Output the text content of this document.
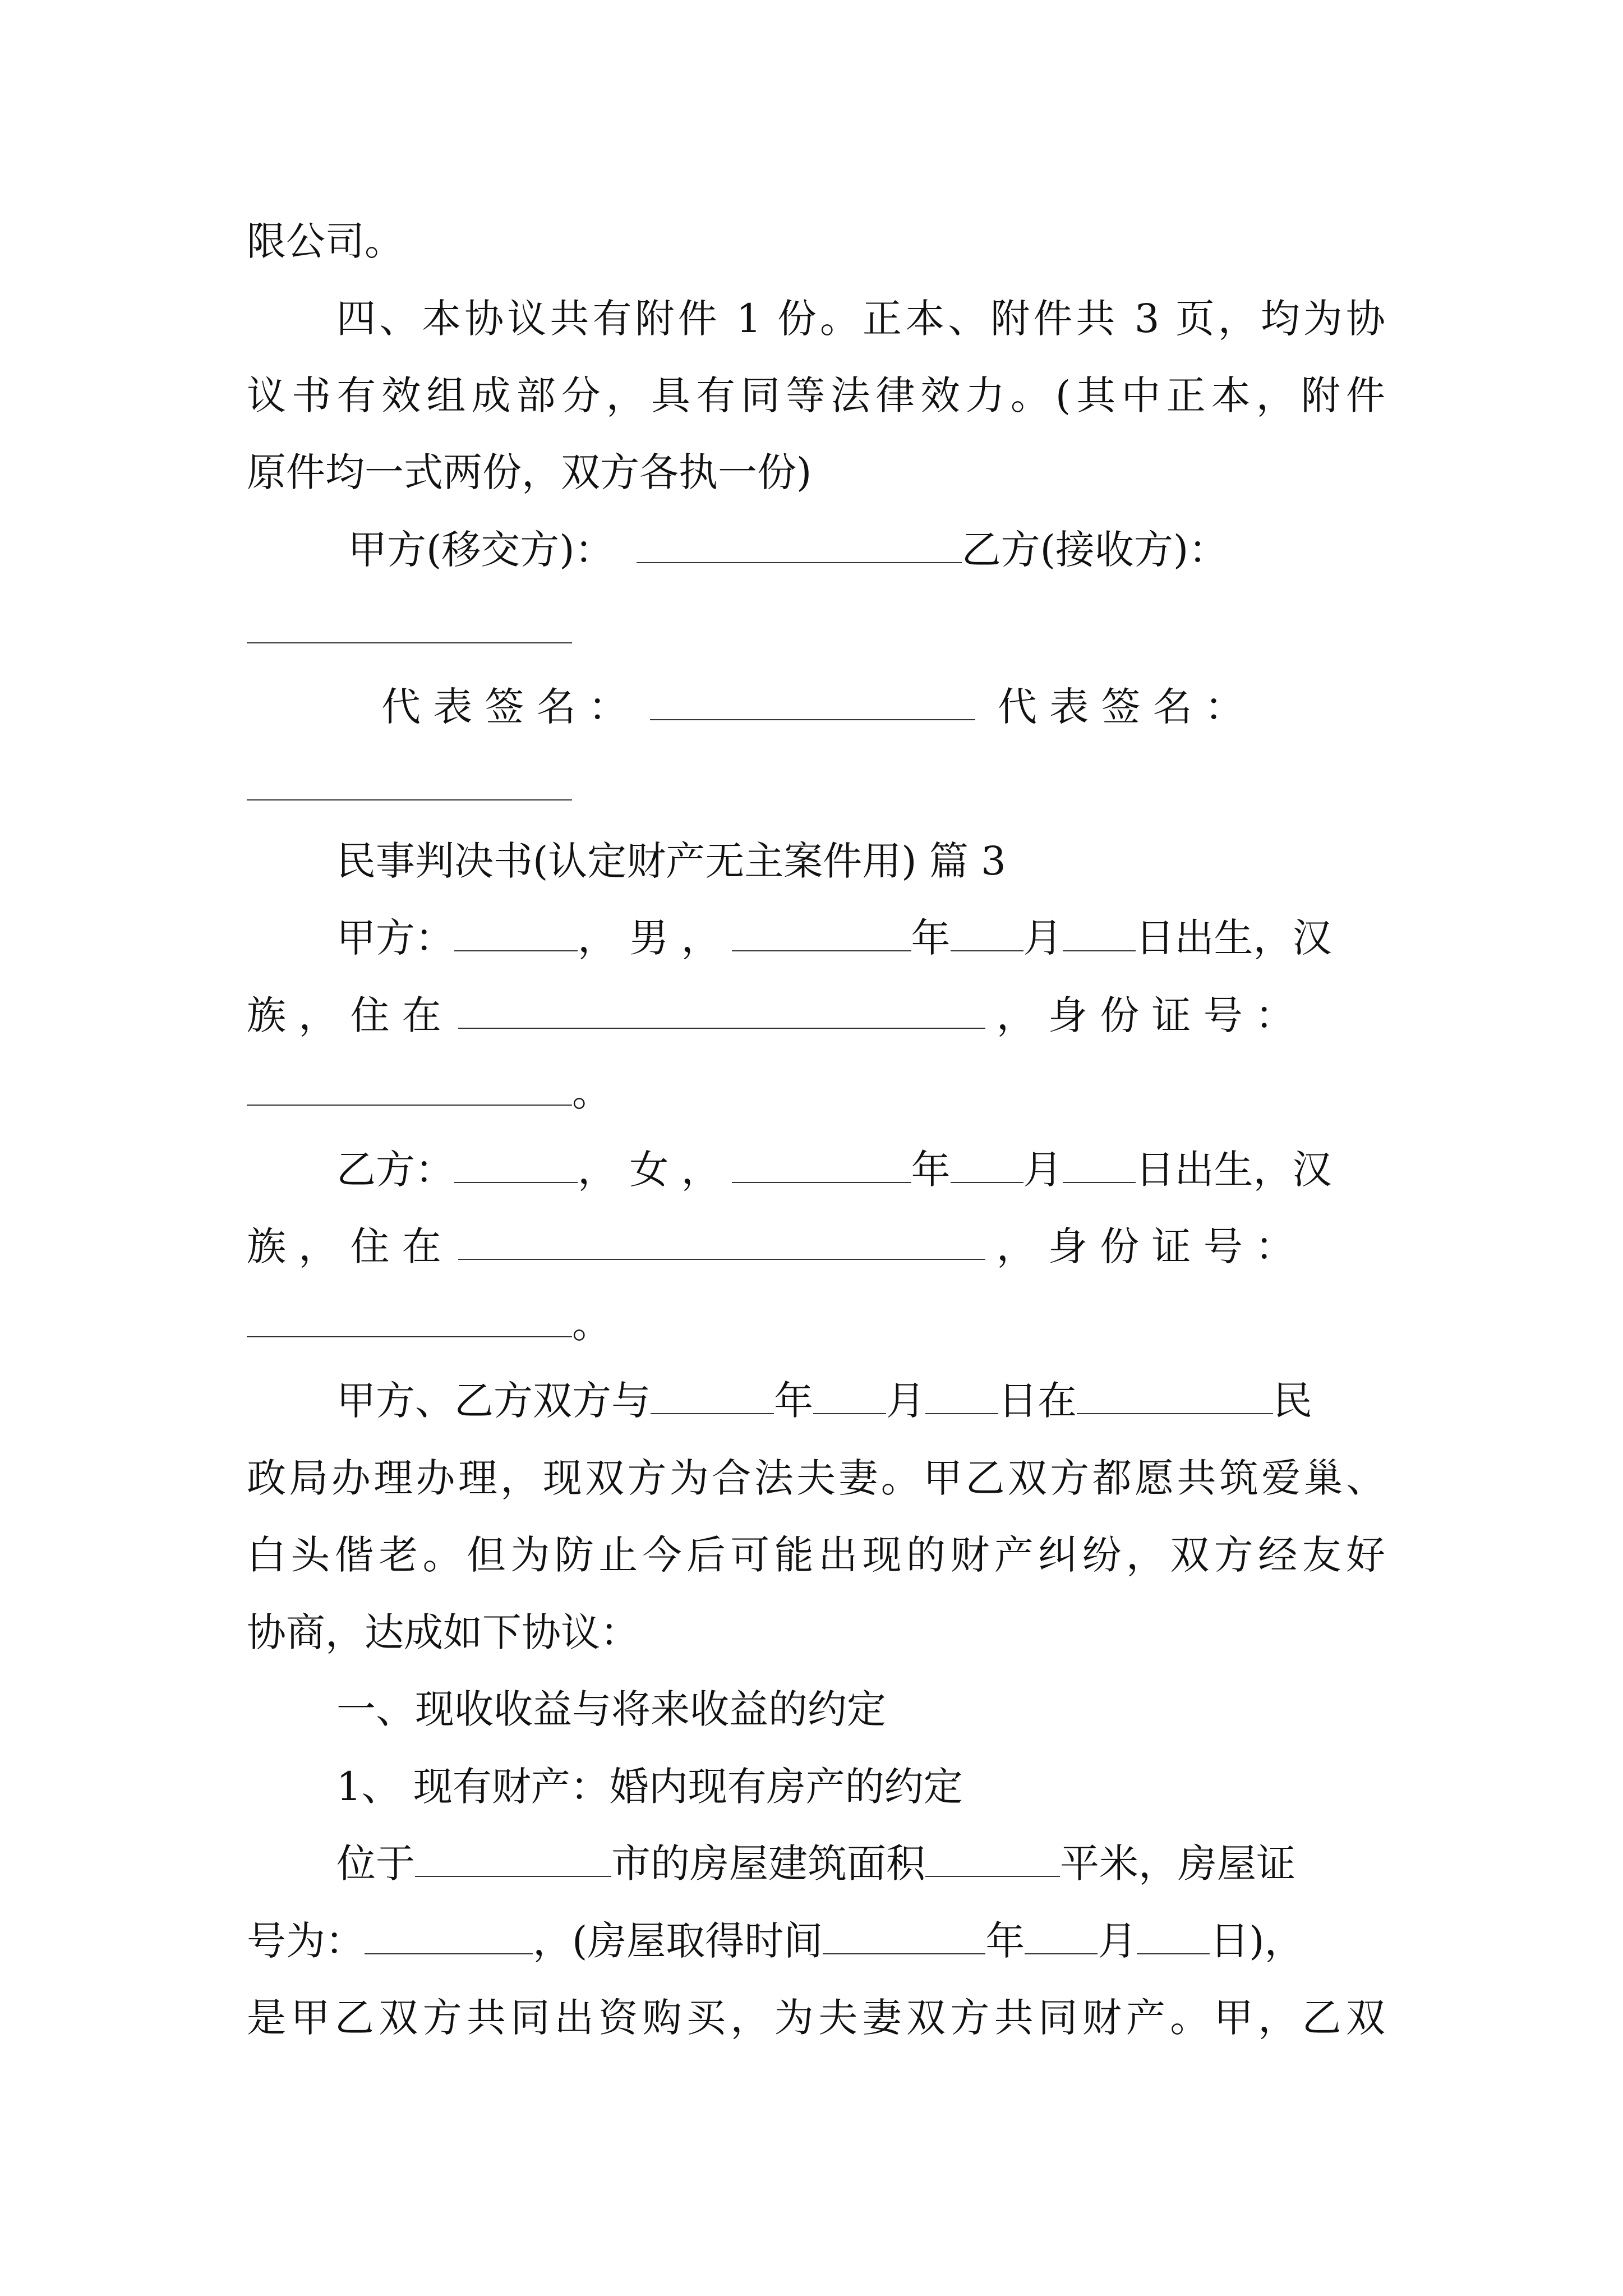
限公司。
四、本协议共有附件 1 份。正本、附件共 3 页，均为协
议书有效组成部分，具有同等法律效力。(其中正本，附件
原件均一式两份，双方各执一份)
甲方(移交方)：	乙方(接收方)：
代 表 签 名 ：	代 表 签 名 ：
民事判决书(认定财产无主案件用) 篇 3
甲方：	， 男 ，	年 月 日出生，汉
族 ， 住 在	， 身 份 证 号 ：
。
乙方：	， 女 ，	年 月 日出生，汉
族 ， 住 在	， 身 份 证 号 ：
。
甲方、乙方双方与	年 月 日在	民
政局办理办理，现双方为合法夫妻。甲乙双方都愿共筑爱巢、
白头偕老。但为防止今后可能出现的财产纠纷，双方经友好
协商，达成如下协议：
一、现收收益与将来收益的约定
1、 现有财产：婚内现有房产的约定
位于	市的房屋建筑面积	平米，房屋证
号为：	，(房屋取得时间	年 月 日)，
是甲乙双方共同出资购买，为夫妻双方共同财产。甲，乙双
